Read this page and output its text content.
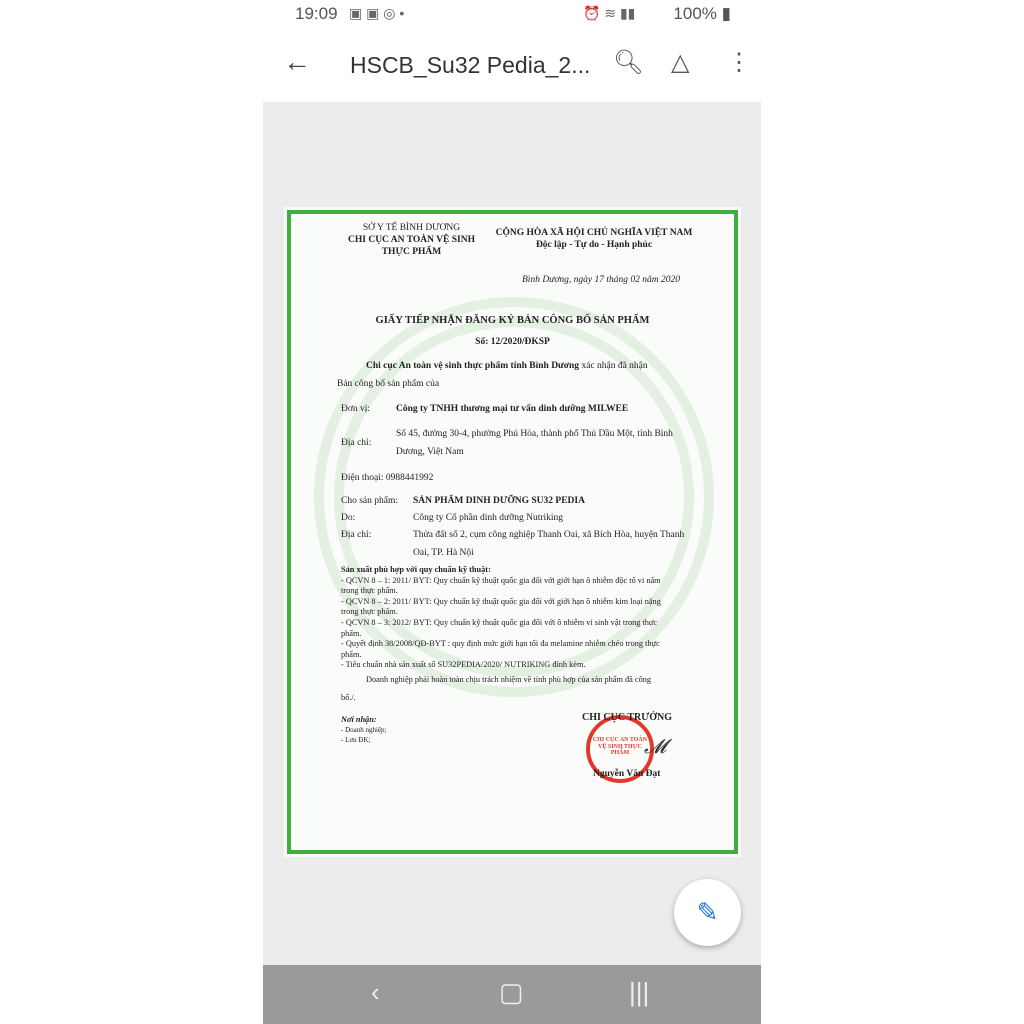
19:09 ▣ ▣ ◎ •	⏰ ≋ ▮▮ 100% ▮
← HSCB_Su32 Pedia_2... 🔍︎ △ ⋮
SỞ Y TẾ BÌNH DƯƠNG
CHI CỤC AN TOÀN VỆ SINH
THỰC PHẨM
CỘNG HÒA XÃ HỘI CHỦ NGHĨA VIỆT NAM
Độc lập - Tự do - Hạnh phúc
Bình Dương, ngày 17 tháng 02 năm 2020
GIẤY TIẾP NHẬN ĐĂNG KÝ BẢN CÔNG BỐ SẢN PHẨM
Số: 12/2020/ĐKSP
Chi cục An toàn vệ sinh thực phẩm tỉnh Bình Dương xác nhận đã nhận
Bản công bố sản phẩm của
Đơn vị:	Công ty TNHH thương mại tư vấn dinh dưỡng MILWEE
Địa chỉ:
Số 45, đường 30-4, phường Phú Hòa, thành phố Thủ Dầu Một, tỉnh Bình
Dương, Việt Nam
Điện thoại: 0988441992
Cho sản phẩm: SẢN PHẨM DINH DƯỠNG SU32 PEDIA
Do:	Công ty Cổ phần dinh dưỡng Nutriking
Địa chỉ:	Thửa đất số 2, cụm công nghiệp Thanh Oai, xã Bích Hòa, huyện Thanh
Oai, TP. Hà Nội
Sản xuất phù hợp với quy chuẩn kỹ thuật:
- QCVN 8 – 1: 2011/ BYT: Quy chuẩn kỹ thuật quốc gia đối với giới hạn ô nhiễm độc tố vi nấm
trong thực phẩm.
- QCVN 8 – 2: 2011/ BYT: Quy chuẩn kỹ thuật quốc gia đối với giới hạn ô nhiễm kim loại nặng
trong thực phẩm.
- QCVN 8 – 3: 2012/ BYT: Quy chuẩn kỹ thuật quốc gia đối với ô nhiễm vi sinh vật trong thực
phẩm.
- Quyết định 38/2008/QĐ-BYT : quy định mức giới hạn tối đa melamine nhiễm chéo trong thực
phẩm.
- Tiêu chuẩn nhà sản xuất số SU32PEDIA/2020/ NUTRIKING đính kèm.
Doanh nghiệp phải hoàn toàn chịu trách nhiệm về tính phù hợp của sản phẩm đã công
bố./.
Nơi nhận:
- Doanh nghiệp;
- Lưu ĐK;	CHI CỤC AN TOÀN VỆ SINH THỰC PHẨM
CHI CỤC TRƯỞNG
𝓜
Nguyễn Văn Đạt
✎
‹	▢	|||
